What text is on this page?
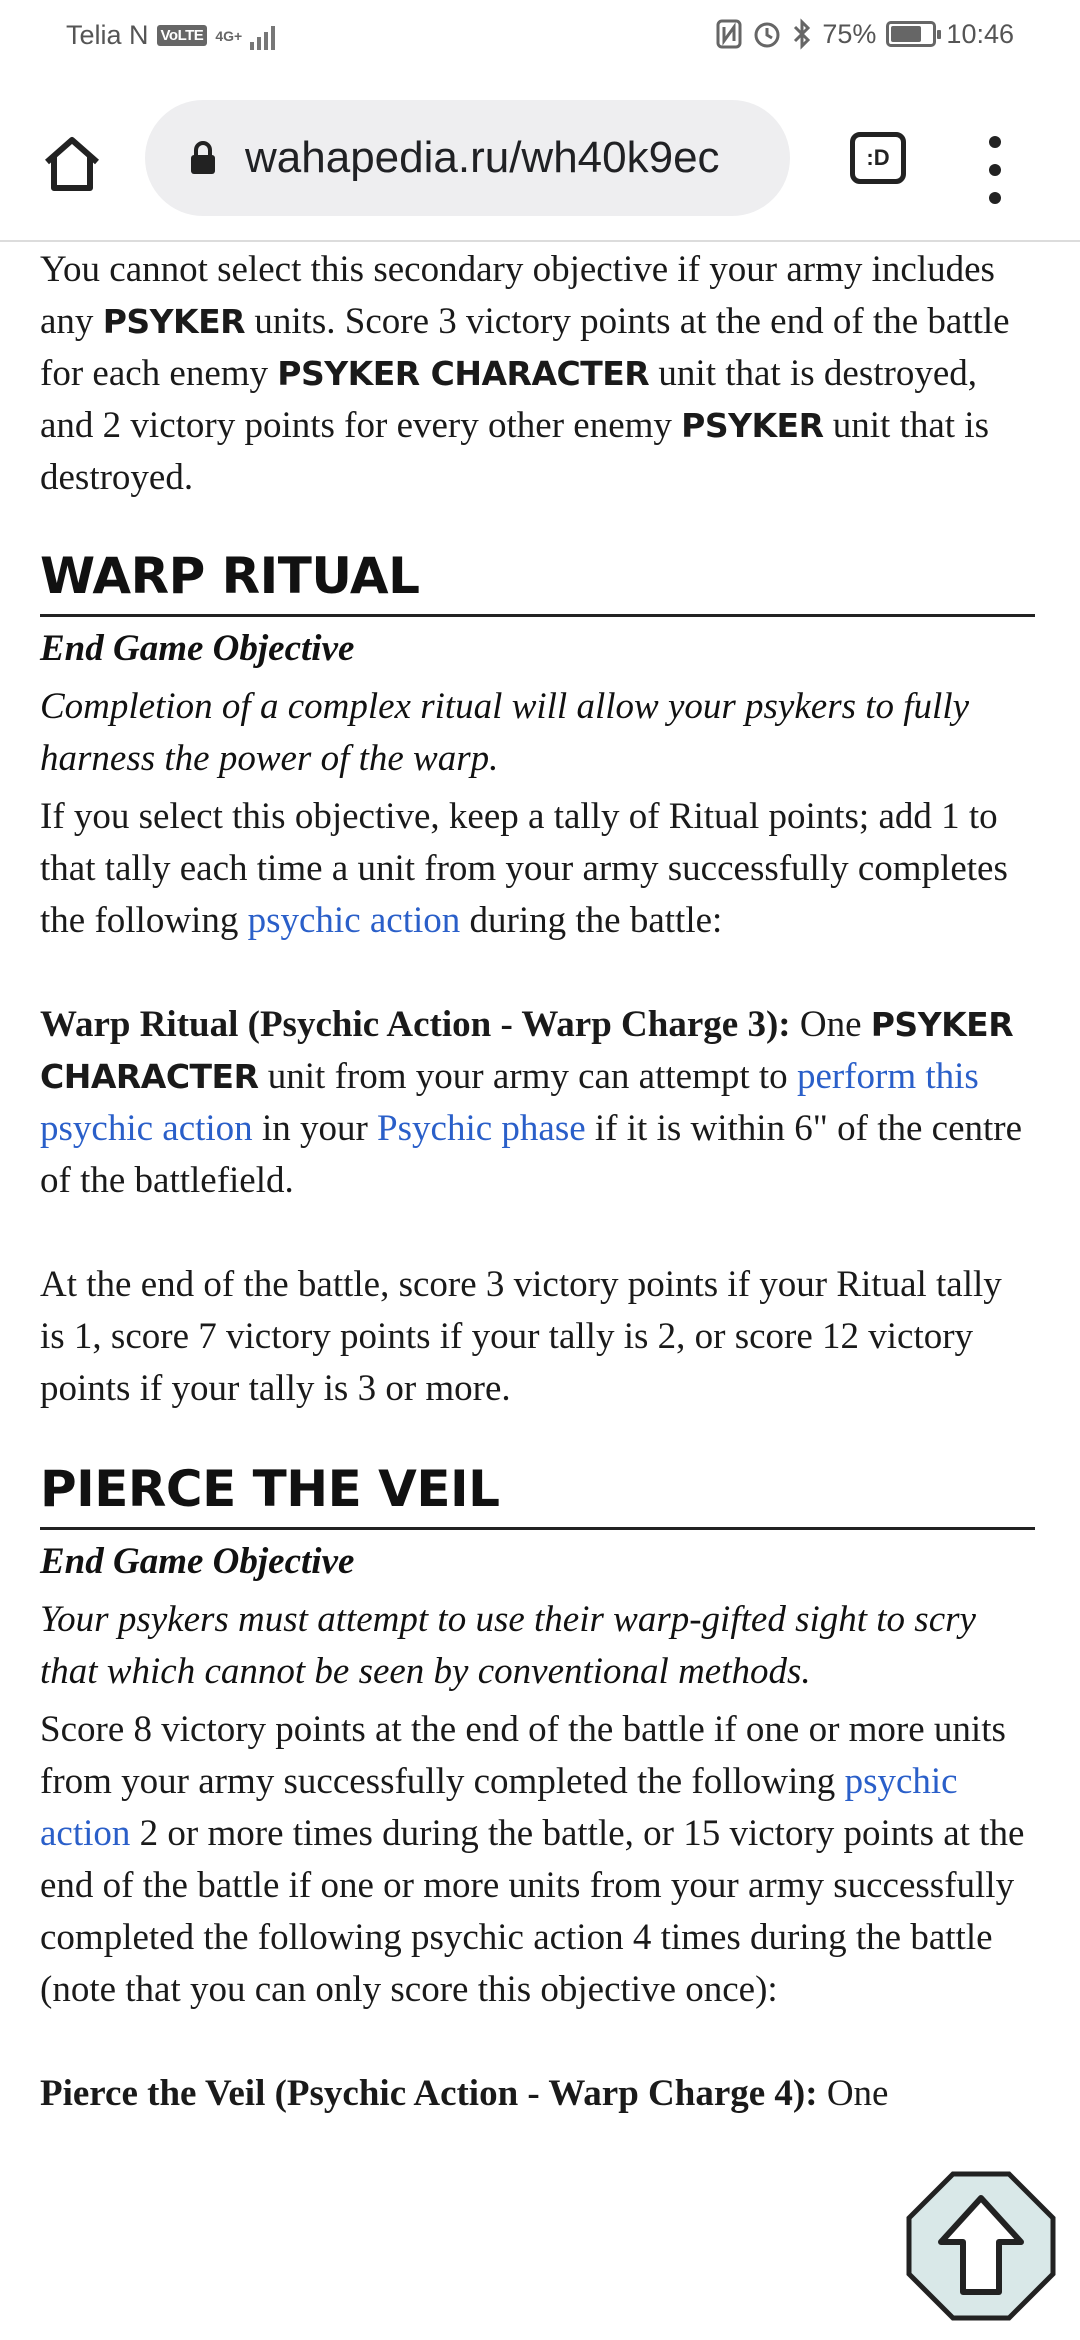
Telia N VoLTE 4G+	75%	10:46
wahapedia.ru/wh40k9ec	:D

You cannot select this secondary objective if your army includes any PSYKER units. Score 3 victory points at the end of the battle for each enemy PSYKER CHARACTER unit that is destroyed, and 2 victory points for every other enemy PSYKER unit that is destroyed.

WARP RITUAL
End Game Objective

Completion of a complex ritual will allow your psykers to fully harness the power of the warp.

If you select this objective, keep a tally of Ritual points; add 1 to that tally each time a unit from your army successfully completes the following psychic action during the battle:

Warp Ritual (Psychic Action - Warp Charge 3): One PSYKER CHARACTER unit from your army can attempt to perform this psychic action in your Psychic phase if it is within 6" of the centre of the battlefield.

At the end of the battle, score 3 victory points if your Ritual tally is 1, score 7 victory points if your tally is 2, or score 12 victory points if your tally is 3 or more.

PIERCE THE VEIL
End Game Objective

Your psykers must attempt to use their warp-gifted sight to scry that which cannot be seen by conventional methods.

Score 8 victory points at the end of the battle if one or more units from your army successfully completed the following psychic action 2 or more times during the battle, or 15 victory points at the end of the battle if one or more units from your army successfully completed the following psychic action 4 times during the battle (note that you can only score this objective once):

Pierce the Veil (Psychic Action - Warp Charge 4): One
